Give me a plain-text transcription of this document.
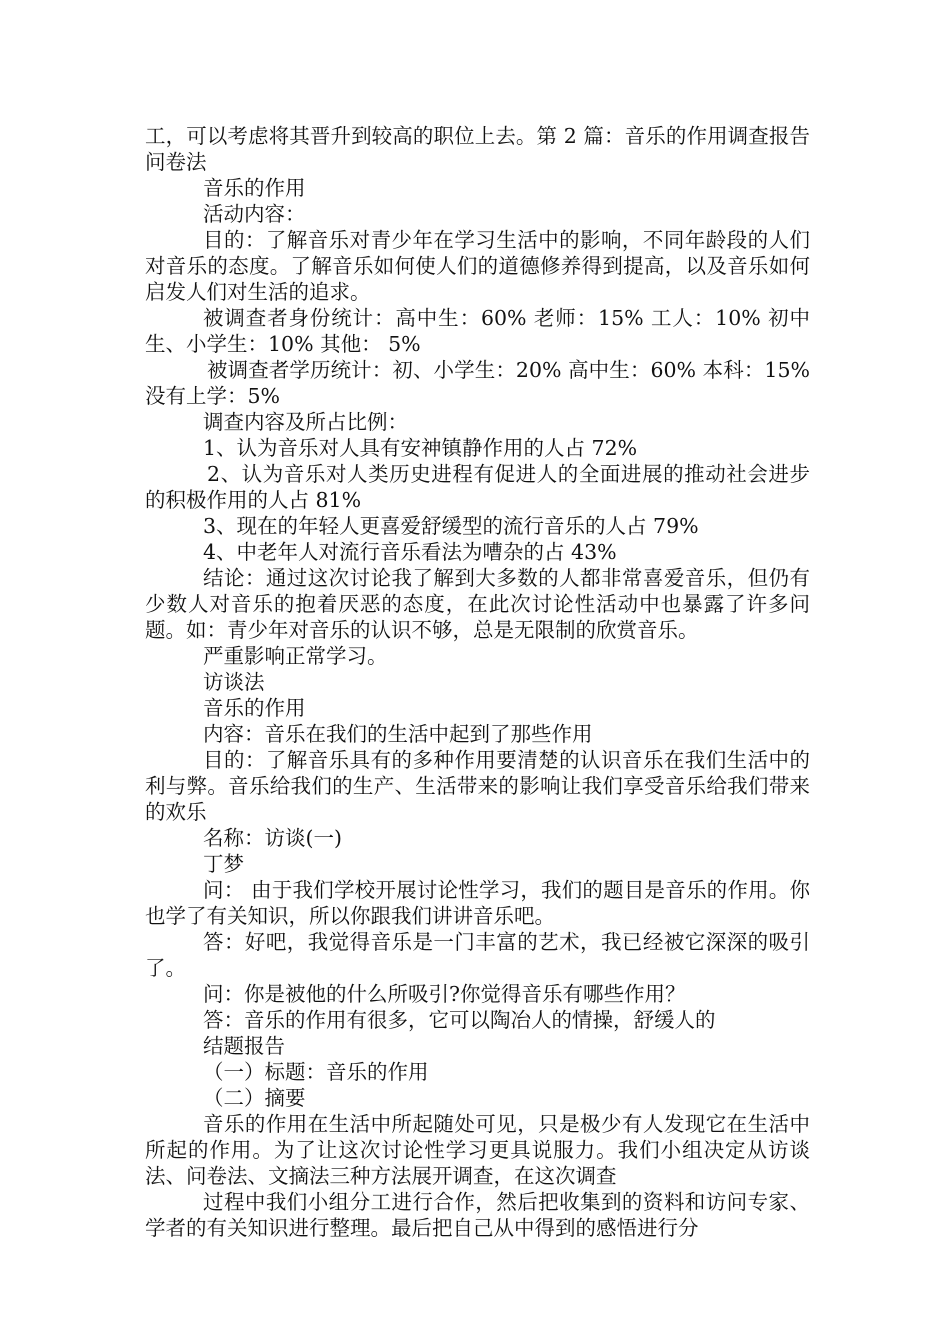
工，可以考虑将其晋升到较高的职位上去。第 2 篇：音乐的作用调查报告问卷法

音乐的作用

活动内容：

目的：了解音乐对青少年在学习生活中的影响，不同年龄段的人们对音乐的态度。了解音乐如何使人们的道德修养得到提高，以及音乐如何启发人们对生活的追求。

被调查者身份统计：高中生：60% 老师：15% 工人：10% 初中生、小学生：10% 其他： 5%

被调查者学历统计：初、小学生：20% 高中生：60% 本科：15% 没有上学：5%

调查内容及所占比例：

1、认为音乐对人具有安神镇静作用的人占 72%

2、认为音乐对人类历史进程有促进人的全面进展的推动社会进步的积极作用的人占 81%

3、现在的年轻人更喜爱舒缓型的流行音乐的人占 79%

4、中老年人对流行音乐看法为嘈杂的占 43%

结论：通过这次讨论我了解到大多数的人都非常喜爱音乐，但仍有少数人对音乐的抱着厌恶的态度，在此次讨论性活动中也暴露了许多问题。如：青少年对音乐的认识不够，总是无限制的欣赏音乐。

严重影响正常学习。

访谈法

音乐的作用

内容：音乐在我们的生活中起到了那些作用

目的：了解音乐具有的多种作用要清楚的认识音乐在我们生活中的利与弊。音乐给我们的生产、生活带来的影响让我们享受音乐给我们带来的欢乐

名称：访谈(一)

丁梦

问： 由于我们学校开展讨论性学习，我们的题目是音乐的作用。你也学了有关知识，所以你跟我们讲讲音乐吧。

答：好吧，我觉得音乐是一门丰富的艺术，我已经被它深深的吸引了。

问：你是被他的什么所吸引?你觉得音乐有哪些作用？

答：音乐的作用有很多，它可以陶冶人的情操，舒缓人的

结题报告

（一）标题：音乐的作用

（二）摘要

音乐的作用在生活中所起随处可见，只是极少有人发现它在生活中所起的作用。为了让这次讨论性学习更具说服力。我们小组决定从访谈法、问卷法、文摘法三种方法展开调查，在这次调查

过程中我们小组分工进行合作，然后把收集到的资料和访问专家、学者的有关知识进行整理。最后把自己从中得到的感悟进行分
